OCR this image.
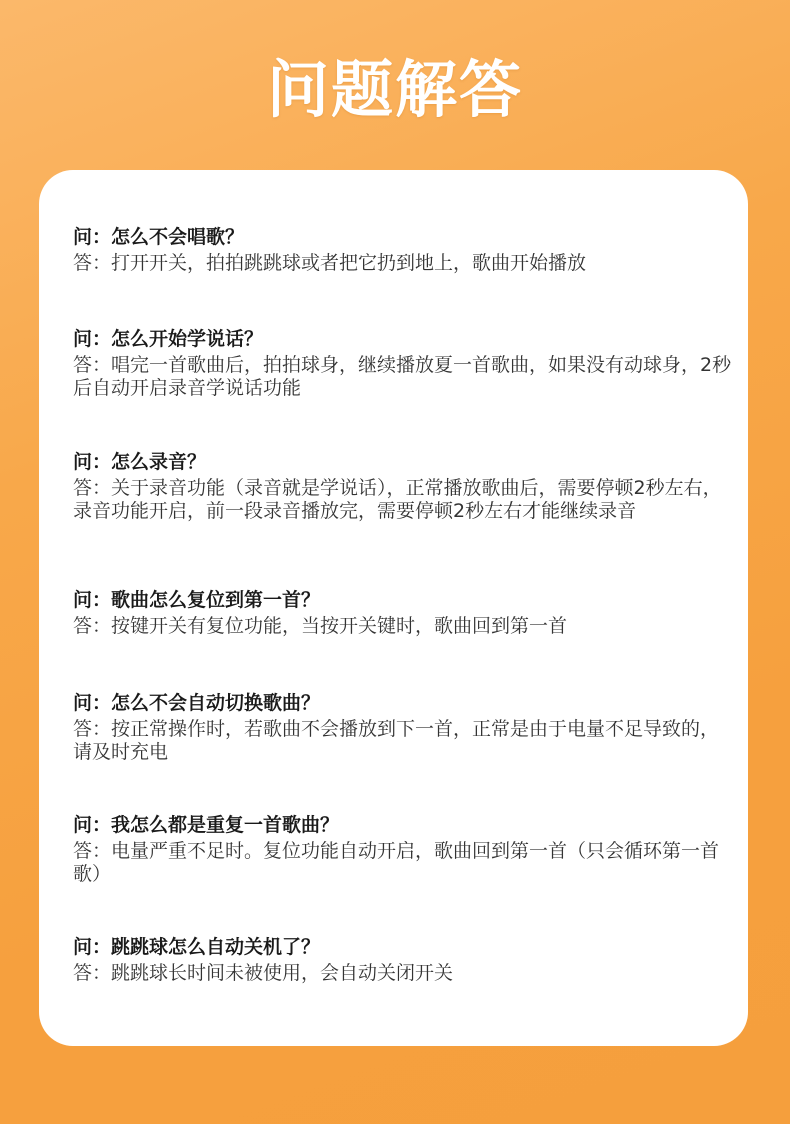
问题解答

问：怎么不会唱歌？

答：打开开关，拍拍跳跳球或者把它扔到地上，歌曲开始播放

问：怎么开始学说话？

答：唱完一首歌曲后，拍拍球身，继续播放夏一首歌曲，如果没有动球身，2秒后自动开启录音学说话功能

问：怎么录音？

答：关于录音功能（录音就是学说话），正常播放歌曲后，需要停顿2秒左右，录音功能开启，前一段录音播放完，需要停顿2秒左右才能继续录音

问：歌曲怎么复位到第一首？

答：按键开关有复位功能，当按开关键时，歌曲回到第一首

问：怎么不会自动切换歌曲？

答：按正常操作时，若歌曲不会播放到下一首，正常是由于电量不足导致的，请及时充电

问：我怎么都是重复一首歌曲？

答：电量严重不足时。复位功能自动开启，歌曲回到第一首（只会循环第一首歌）

问：跳跳球怎么自动关机了？

答：跳跳球长时间未被使用，会自动关闭开关
